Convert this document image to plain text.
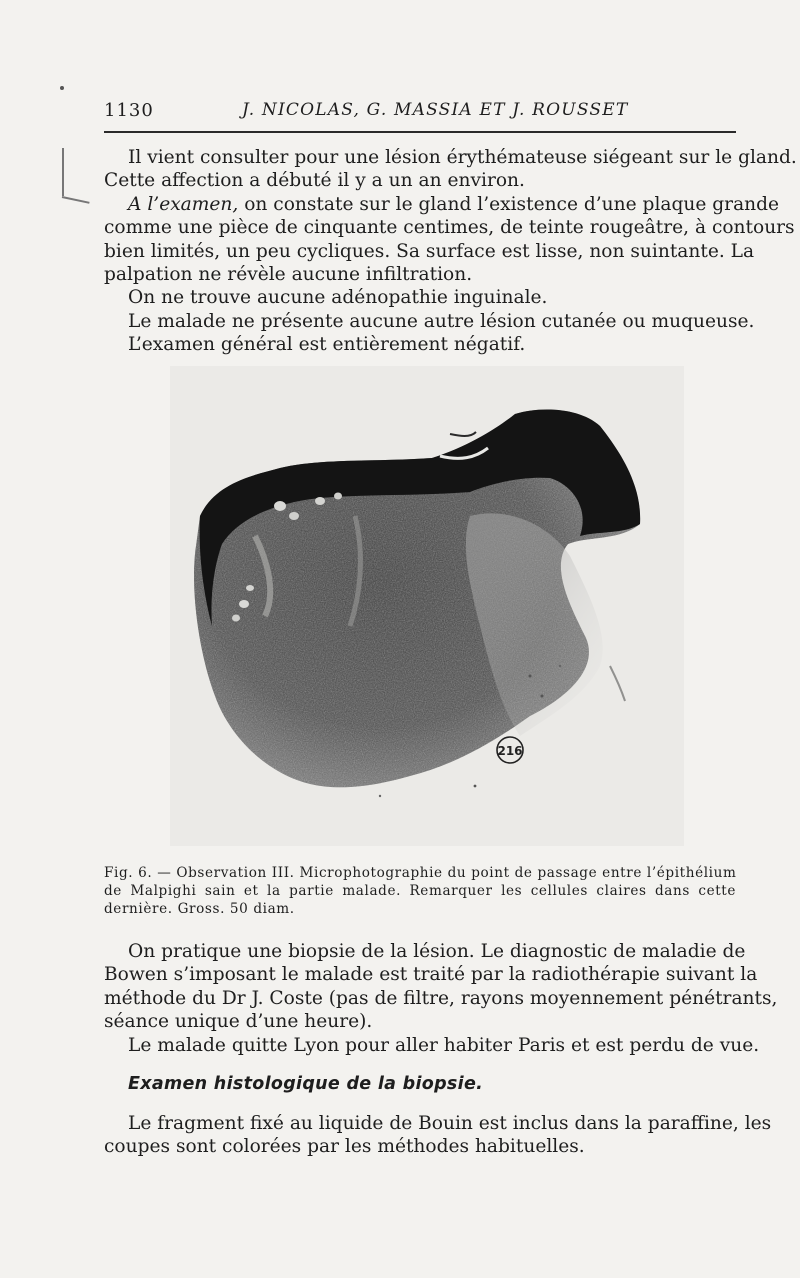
1130	J. NICOLAS, G. MASSIA ET J. ROUSSET
Il vient consulter pour une lésion érythémateuse siégeant sur le gland.
Cette affection a débuté il y a un an environ.
A l’examen, on constate sur le gland l’existence d’une plaque grande
comme une pièce de cinquante centimes, de teinte rougeâtre, à contours
bien limités, un peu cycliques. Sa surface est lisse, non suintante. La
palpation ne révèle aucune infiltration.
On ne trouve aucune adénopathie inguinale.
Le malade ne présente aucune autre lésion cutanée ou muqueuse.
L’examen général est entièrement négatif.
216
Fig. 6. — Observation III. Microphotographie du point de passage entre l’épithélium
de Malpighi sain et la partie malade. Remarquer les cellules claires dans cette
dernière. Gross. 50 diam.
On pratique une biopsie de la lésion. Le diagnostic de maladie de
Bowen s’imposant le malade est traité par la radiothérapie suivant la
méthode du Dr J. Coste (pas de filtre, rayons moyennement pénétrants,
séance unique d’une heure).
Le malade quitte Lyon pour aller habiter Paris et est perdu de vue.
Examen histologique de la biopsie.
Le fragment fixé au liquide de Bouin est inclus dans la paraffine, les
coupes sont colorées par les méthodes habituelles.
